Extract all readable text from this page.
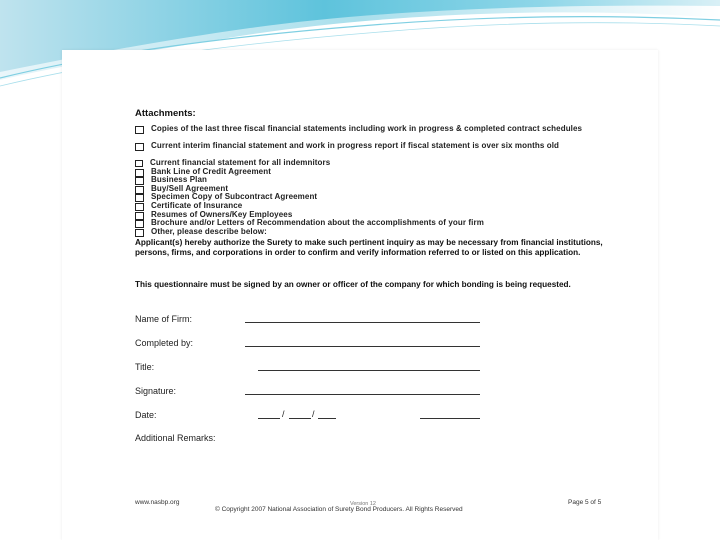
Attachments:
Copies of the last three fiscal financial statements including work in progress & completed contract schedules
Current interim financial statement and work in progress report if fiscal statement is over six months old
Current financial statement for all indemnitors
Bank Line of Credit Agreement
Business Plan
Buy/Sell Agreement
Specimen Copy of Subcontract Agreement
Certificate of Insurance
Resumes of Owners/Key Employees
Brochure and/or Letters of Recommendation about the accomplishments of your firm
Other, please describe below:
Applicant(s) hereby authorize the Surety to make such pertinent inquiry as may be necessary from financial institutions, persons, firms, and corporations in order to confirm and verify information referred to or listed on this application.
This questionnaire must be signed by an owner or officer of the company for which bonding is being requested.
Name of Firm:
Completed by:
Title:
Signature:
Date:	/	/
Additional Remarks:
www.nasbp.org	Version 12
© Copyright 2007 National Association of Surety Bond Producers. All Rights Reserved
Page 5 of 5
